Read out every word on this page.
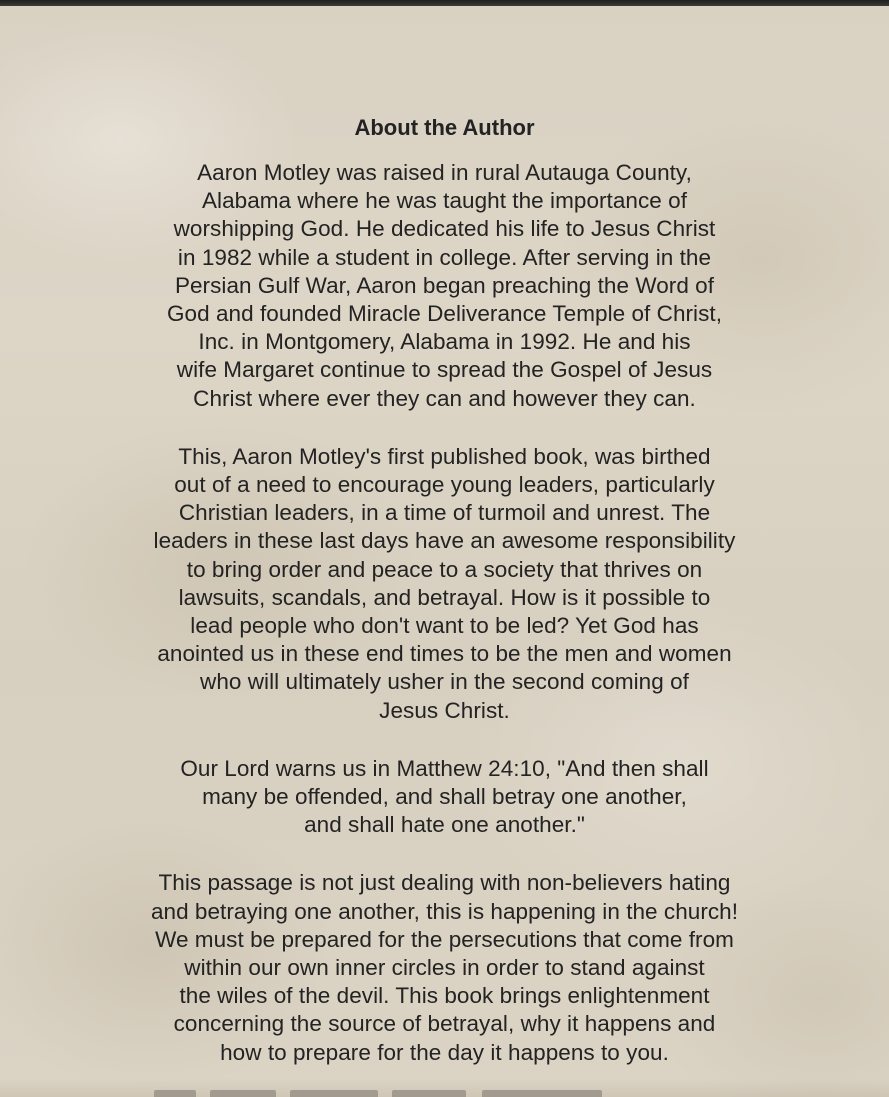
About the Author
Aaron Motley was raised in rural Autauga County,
Alabama where he was taught the importance of
worshipping God. He dedicated his life to Jesus Christ
in 1982 while a student in college. After serving in the
Persian Gulf War, Aaron began preaching the Word of
God and founded Miracle Deliverance Temple of Christ,
Inc. in Montgomery, Alabama in 1992. He and his
wife Margaret continue to spread the Gospel of Jesus
Christ where ever they can and however they can.
This, Aaron Motley's first published book, was birthed
out of a need to encourage young leaders, particularly
Christian leaders, in a time of turmoil and unrest. The
leaders in these last days have an awesome responsibility
to bring order and peace to a society that thrives on
lawsuits, scandals, and betrayal. How is it possible to
lead people who don't want to be led? Yet God has
anointed us in these end times to be the men and women
who will ultimately usher in the second coming of
Jesus Christ.
Our Lord warns us in Matthew 24:10, "And then shall
many be offended, and shall betray one another,
and shall hate one another."
This passage is not just dealing with non-believers hating
and betraying one another, this is happening in the church!
We must be prepared for the persecutions that come from
within our own inner circles in order to stand against
the wiles of the devil. This book brings enlightenment
concerning the source of betrayal, why it happens and
how to prepare for the day it happens to you.
